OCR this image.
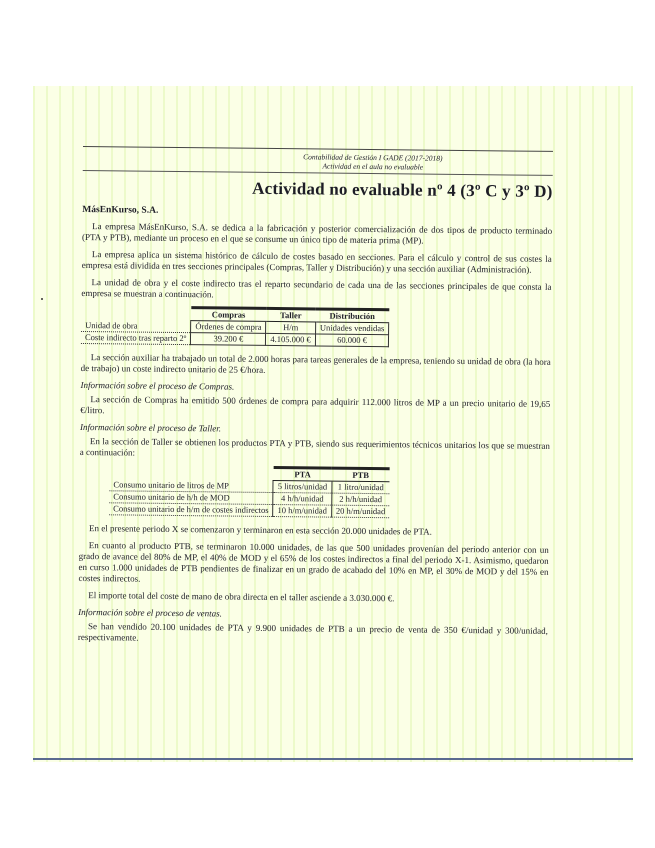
Contabilidad de Gestión I GADE (2017-2018)
Actividad en el aula no evaluable
Actividad no evaluable nº 4 (3º C y 3º D)
MásEnKurso, S.A.

La empresa MásEnKurso, S.A. se dedica a la fabricación y posterior comercialización de dos tipos de producto terminado (PTA y PTB), mediante un proceso en el que se consume un único tipo de materia prima (MP).

La empresa aplica un sistema histórico de cálculo de costes basado en secciones. Para el cálculo y control de sus costes la empresa está dividida en tres secciones principales (Compras, Taller y Distribución) y una sección auxiliar (Administración).

La unidad de obra y el coste indirecto tras el reparto secundario de cada una de las secciones principales de que consta la empresa se muestran a continuación.

	Compras	Taller	Distribución
Unidad de obra	Órdenes de compra	H/m	Unidades vendidas
Coste indirecto tras reparto 2º	39.200 €	4.105.000 €	60.000 €

La sección auxiliar ha trabajado un total de 2.000 horas para tareas generales de la empresa, teniendo su unidad de obra (la hora de trabajo) un coste indirecto unitario de 25 €/hora.

Información sobre el proceso de Compras.

La sección de Compras ha emitido 500 órdenes de compra para adquirir 112.000 litros de MP a un precio unitario de 19,65 €/litro.

Información sobre el proceso de Taller.

En la sección de Taller se obtienen los productos PTA y PTB, siendo sus requerimientos técnicos unitarios los que se muestran a continuación:

	PTA	PTB
Consumo unitario de litros de MP	5 litros/unidad	1 litro/unidad
Consumo unitario de h/h de MOD	4 h/h/unidad	2 h/h/unidad
Consumo unitario de h/m de costes indirectos	10 h/m/unidad	20 h/m/unidad

En el presente periodo X se comenzaron y terminaron en esta sección 20.000 unidades de PTA.

En cuanto al producto PTB, se terminaron 10.000 unidades, de las que 500 unidades provenían del periodo anterior con un grado de avance del 80% de MP, el 40% de MOD y el 65% de los costes indirectos a final del periodo X-1. Asimismo, quedaron en curso 1.000 unidades de PTB pendientes de finalizar en un grado de acabado del 10% en MP, el 30% de MOD y del 15% en costes indirectos.

El importe total del coste de mano de obra directa en el taller asciende a 3.030.000 €.

Información sobre el proceso de ventas.

Se han vendido 20.100 unidades de PTA y 9.900 unidades de PTB a un precio de venta de 350 €/unidad y 300/unidad, respectivamente.
